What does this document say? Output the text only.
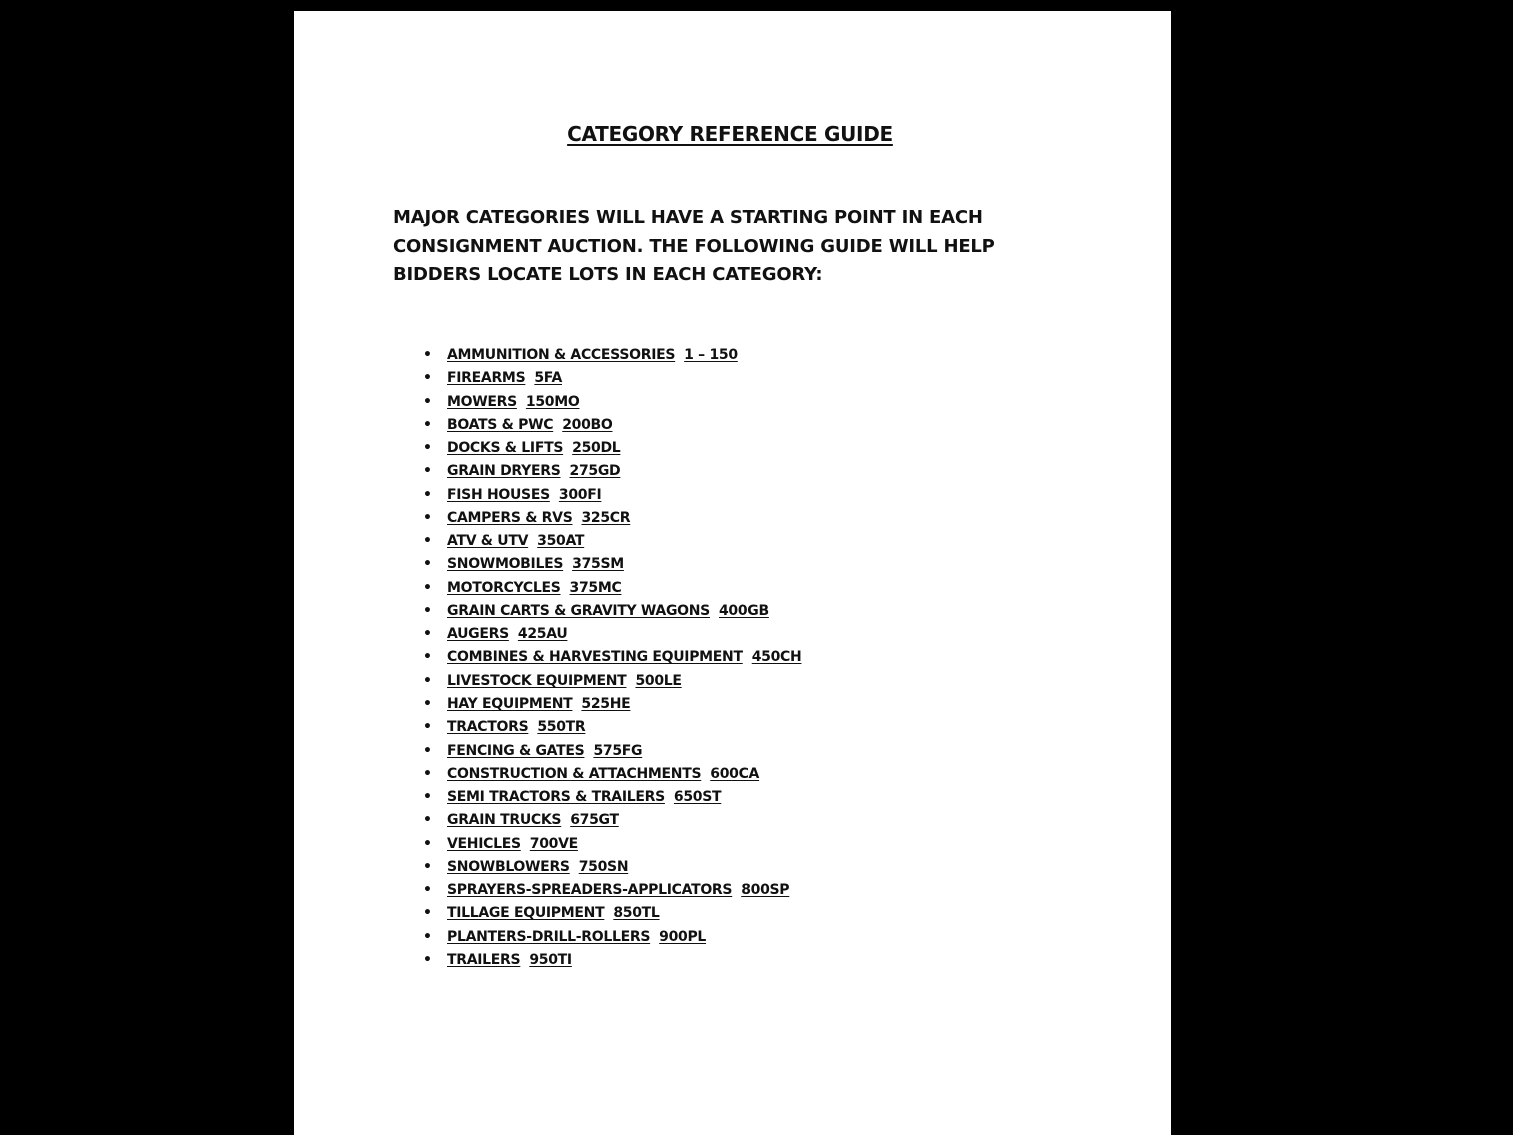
CATEGORY REFERENCE GUIDE

MAJOR CATEGORIES WILL HAVE A STARTING POINT IN EACH CONSIGNMENT AUCTION. THE FOLLOWING GUIDE WILL HELP BIDDERS LOCATE LOTS IN EACH CATEGORY:

• AMMUNITION & ACCESSORIES 1 – 150
• FIREARMS 5FA
• MOWERS 150MO
• BOATS & PWC 200BO
• DOCKS & LIFTS 250DL
• GRAIN DRYERS 275GD
• FISH HOUSES 300FI
• CAMPERS & RVS 325CR
• ATV & UTV 350AT
• SNOWMOBILES 375SM
• MOTORCYCLES 375MC
• GRAIN CARTS & GRAVITY WAGONS 400GB
• AUGERS 425AU
• COMBINES & HARVESTING EQUIPMENT 450CH
• LIVESTOCK EQUIPMENT 500LE
• HAY EQUIPMENT 525HE
• TRACTORS 550TR
• FENCING & GATES 575FG
• CONSTRUCTION & ATTACHMENTS 600CA
• SEMI TRACTORS & TRAILERS 650ST
• GRAIN TRUCKS 675GT
• VEHICLES 700VE
• SNOWBLOWERS 750SN
• SPRAYERS-SPREADERS-APPLICATORS 800SP
• TILLAGE EQUIPMENT 850TL
• PLANTERS-DRILL-ROLLERS 900PL
• TRAILERS 950TI
